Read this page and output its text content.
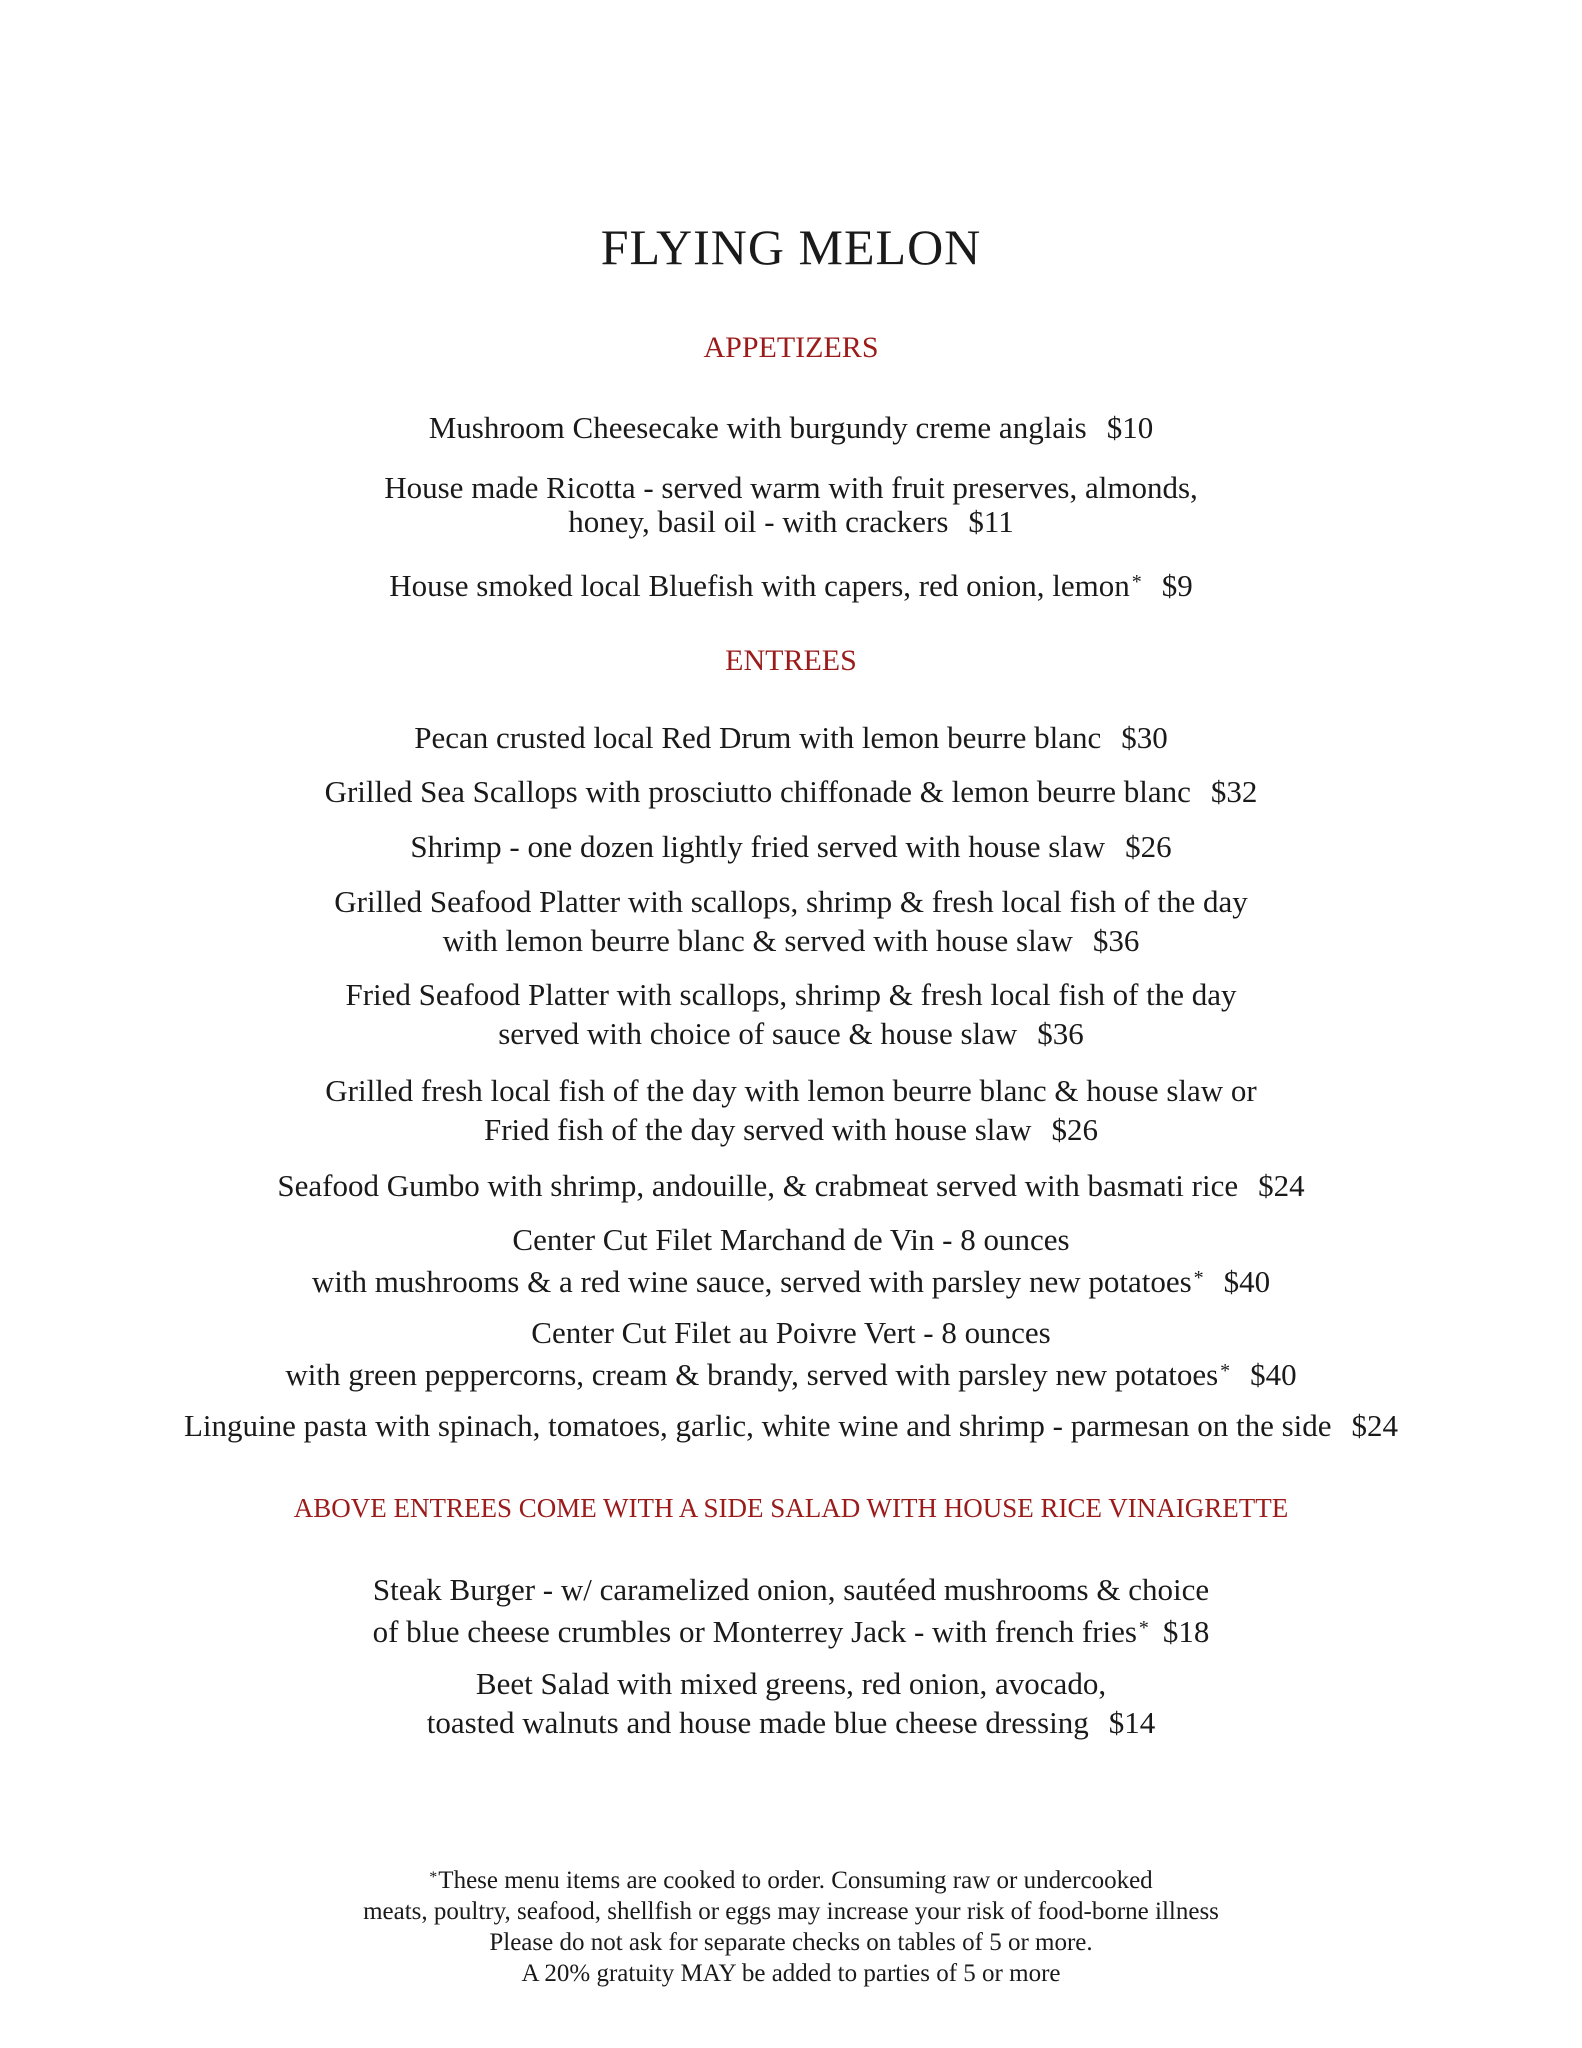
FLYING MELON
APPETIZERS
Mushroom Cheesecake with burgundy creme anglais $10
House made Ricotta - served warm with fruit preserves, almonds,
honey, basil oil - with crackers $11
House smoked local Bluefish with capers, red onion, lemon * $9
ENTREES
Pecan crusted local Red Drum with lemon beurre blanc $30
Grilled Sea Scallops with prosciutto chiffonade & lemon beurre blanc $32
Shrimp - one dozen lightly fried served with house slaw $26
Grilled Seafood Platter with scallops, shrimp & fresh local fish of the day
with lemon beurre blanc & served with house slaw $36
Fried Seafood Platter with scallops, shrimp & fresh local fish of the day
served with choice of sauce & house slaw $36
Grilled fresh local fish of the day with lemon beurre blanc & house slaw or
Fried fish of the day served with house slaw $26
Seafood Gumbo with shrimp, andouille, & crabmeat served with basmati rice $24
Center Cut Filet Marchand de Vin - 8 ounces
with mushrooms & a red wine sauce, served with parsley new potatoes * $40
Center Cut Filet au Poivre Vert - 8 ounces
with green peppercorns, cream & brandy, served with parsley new potatoes * $40
Linguine pasta with spinach, tomatoes, garlic, white wine and shrimp - parmesan on the side $24
ABOVE ENTREES COME WITH A SIDE SALAD WITH HOUSE RICE VINAIGRETTE
Steak Burger - w/ caramelized onion, sautéed mushrooms & choice
of blue cheese crumbles or Monterrey Jack - with french fries * $18
Beet Salad with mixed greens, red onion, avocado,
toasted walnuts and house made blue cheese dressing $14
*These menu items are cooked to order. Consuming raw or undercooked
meats, poultry, seafood, shellfish or eggs may increase your risk of food-borne illness
Please do not ask for separate checks on tables of 5 or more.
A 20% gratuity MAY be added to parties of 5 or more
